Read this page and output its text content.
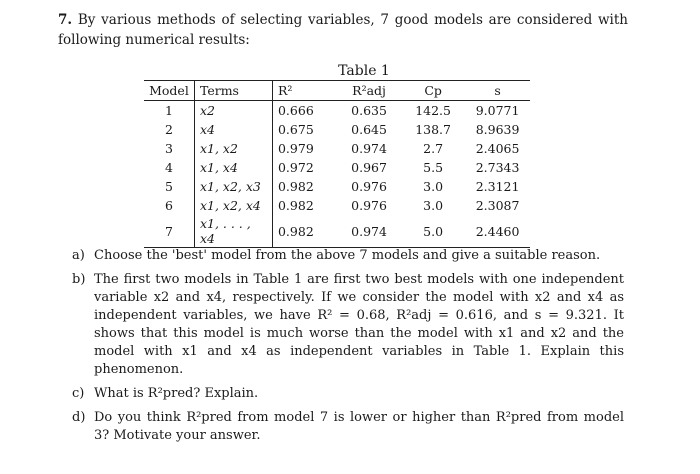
7. By various methods of selecting variables, 7 good models are considered with following numerical results:

Table 1
Model	Terms	R²	R²adj	Cp	s
1	x2	0.666	0.635	142.5	9.0771
2	x4	0.675	0.645	138.7	8.9639
3	x1, x2	0.979	0.974	2.7	2.4065
4	x1, x4	0.972	0.967	5.5	2.7343
5	x1, x2, x3	0.982	0.976	3.0	2.3121
6	x1, x2, x4	0.982	0.976	3.0	2.3087
7	x1, . . . , x4	0.982	0.974	5.0	2.4460
a) Choose the 'best' model from the above 7 models and give a suitable reason.
b) The first two models in Table 1 are first two best models with one independent variable x2 and x4, respectively. If we consider the model with x2 and x4 as independent variables, we have R² = 0.68, R²adj = 0.616, and s = 9.321. It shows that this model is much worse than the model with x1 and x2 and the model with x1 and x4 as independent variables in Table 1. Explain this phenomenon.
c) What is R²pred? Explain.
d) Do you think R²pred from model 7 is lower or higher than R²pred from model 3? Motivate your answer.
